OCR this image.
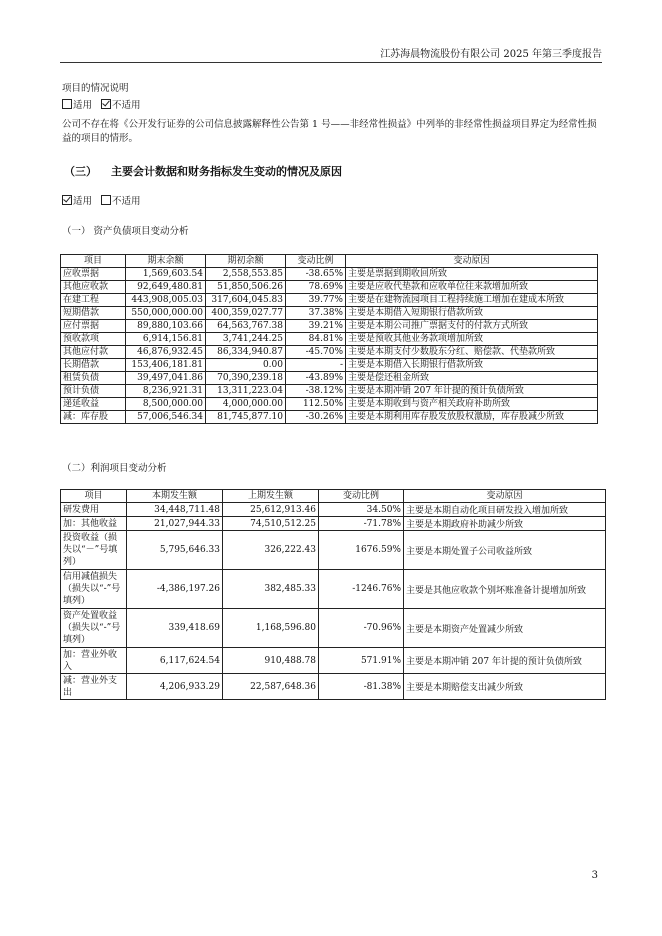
江苏海晨物流股份有限公司 2025 年第三季度报告
项目的情况说明
适用 不适用
公司不存在将《公开发行证券的公司信息披露解释性公告第 1 号——非经常性损益》中列举的非经常性损益项目界定为经常性损益的项目的情形。
（三） 主要会计数据和财务指标发生变动的情况及原因
适用 不适用
（一） 资产负债项目变动分析
项目	期末余额	期初余额	变动比例	变动原因
应收票据	1,569,603.54	2,558,553.85	-38.65%	主要是票据到期收回所致
其他应收款	92,649,480.81	51,850,506.26	78.69%	主要是应收代垫款和应收单位往来款增加所致
在建工程	443,908,005.03	317,604,045.83	39.77%	主要是在建物流园项目工程持续施工增加在建成本所致
短期借款	550,000,000.00	400,359,027.77	37.38%	主要是本期借入短期银行借款所致
应付票据	89,880,103.66	64,563,767.38	39.21%	主要是本期公司推广票据支付的付款方式所致
预收款项	6,914,156.81	3,741,244.25	84.81%	主要是预收其他业务款项增加所致
其他应付款	46,876,932.45	86,334,940.87	-45.70%	主要是本期支付少数股东分红、赔偿款、代垫款所致
长期借款	153,406,181.81	0.00	-	主要是本期借入长期银行借款所致
租赁负债	39,497,041.86	70,390,239.18	-43.89%	主要是偿还租金所致
预计负债	8,236,921.31	13,311,223.04	-38.12%	主要是本期冲销 207 年计提的预计负债所致
递延收益	8,500,000.00	4,000,000.00	112.50%	主要是本期收到与资产相关政府补助所致
减：库存股	57,006,546.34	81,745,877.10	-30.26%	主要是本期利用库存股发放股权激励，库存股减少所致
（二）利润项目变动分析
项目	本期发生额	上期发生额	变动比例	变动原因
研发费用	34,448,711.48	25,612,913.46	34.50%	主要是本期自动化项目研发投入增加所致
加：其他收益	21,027,944.33	74,510,512.25	-71.78%	主要是本期政府补助减少所致
投资收益（损失以“－”号填列）	5,795,646.33	326,222.43	1676.59%	主要是本期处置子公司收益所致
信用减值损失（损失以“-”号填列）	-4,386,197.26	382,485.33	-1246.76%	主要是其他应收款个别坏账准备计提增加所致
资产处置收益（损失以“-”号填列）	339,418.69	1,168,596.80	-70.96%	主要是本期资产处置减少所致
加：营业外收入	6,117,624.54	910,488.78	571.91%	主要是本期冲销 207 年计提的预计负债所致
减：营业外支出	4,206,933.29	22,587,648.36	-81.38%	主要是本期赔偿支出减少所致
3
